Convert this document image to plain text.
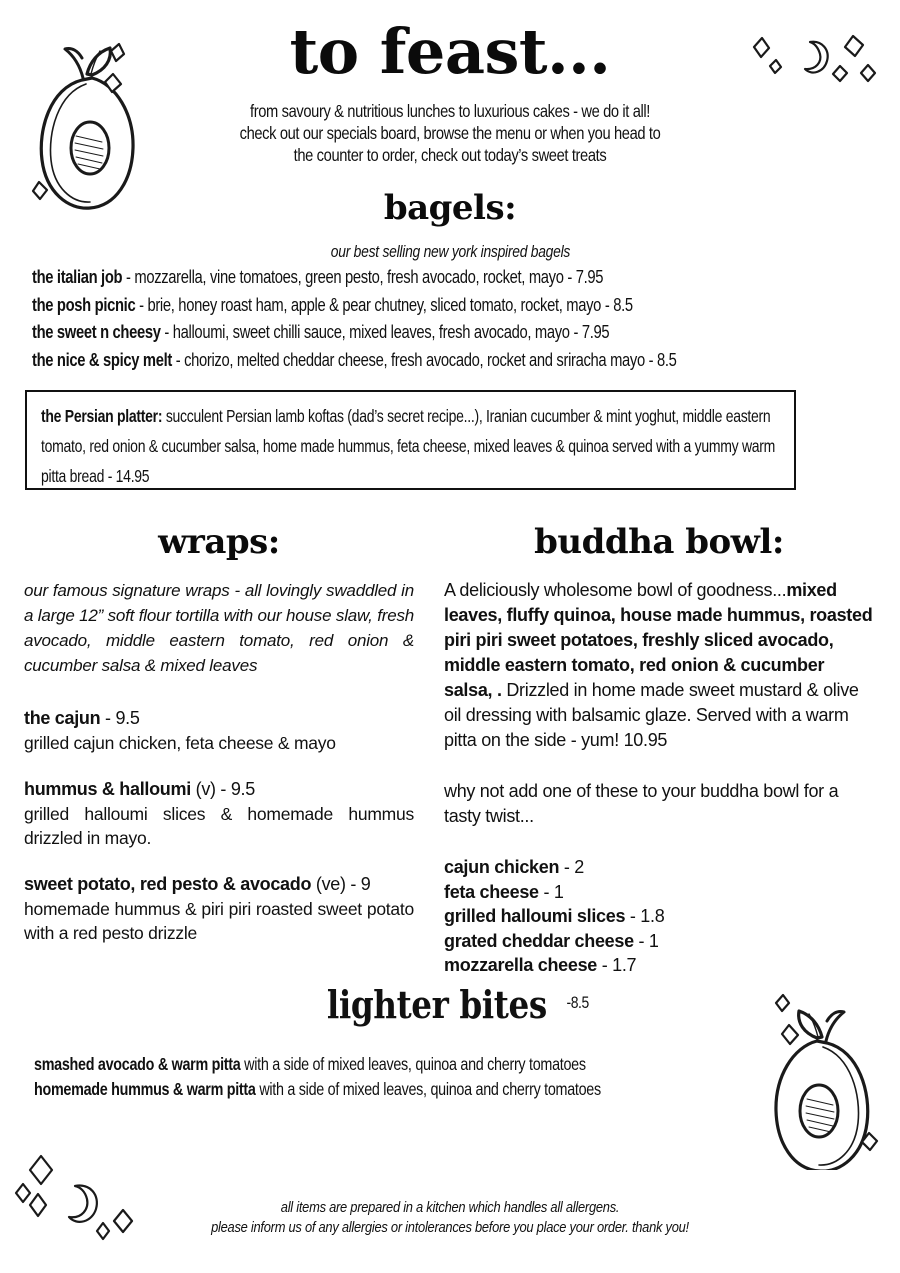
to feast...
from savoury & nutritious lunches to luxurious cakes - we do it all!
check out our specials board, browse the menu or when you head to
the counter to order, check out today’s sweet treats
bagels:
our best selling new york inspired bagels
the italian job - mozzarella, vine tomatoes, green pesto, fresh avocado, rocket, mayo - 7.95
the posh picnic - brie, honey roast ham, apple & pear chutney, sliced tomato, rocket, mayo - 8.5
the sweet n cheesy - halloumi, sweet chilli sauce, mixed leaves, fresh avocado, mayo - 7.95
the nice & spicy melt - chorizo, melted cheddar cheese, fresh avocado, rocket and sriracha mayo - 8.5
the Persian platter: succulent Persian lamb koftas (dad’s secret recipe...), Iranian cucumber & mint yoghut, middle eastern tomato, red onion & cucumber salsa, home made hummus, feta cheese, mixed leaves & quinoa served with a yummy warm pitta bread - 14.95
wraps:

our famous signature wraps - all lovingly swaddled in a large 12” soft flour tortilla with our house slaw, fresh avocado, middle eastern tomato, red onion & cucumber salsa & mixed leaves

the cajun - 9.5

grilled cajun chicken, feta cheese & mayo

hummus & halloumi (v) - 9.5

grilled halloumi slices & homemade hummus drizzled in mayo.

sweet potato, red pesto & avocado (ve) - 9

homemade hummus & piri piri roasted sweet potato with a red pesto drizzle

buddha bowl:

A deliciously wholesome bowl of goodness...mixed leaves, fluffy quinoa, house made hummus, roasted piri piri sweet potatoes, freshly sliced avocado, middle eastern tomato, red onion & cucumber salsa, . Drizzled in home made sweet mustard & olive oil dressing with balsamic glaze. Served with a warm pitta on the side - yum! 10.95

why not add one of these to your buddha bowl for a tasty twist...

cajun chicken - 2
feta cheese - 1
grilled halloumi slices - 1.8
grated cheddar cheese - 1
mozzarella cheese - 1.7
lighter bites -8.5
smashed avocado & warm pitta with a side of mixed leaves, quinoa and cherry tomatoes
homemade hummus & warm pitta with a side of mixed leaves, quinoa and cherry tomatoes
all items are prepared in a kitchen which handles all allergens.
please inform us of any allergies or intolerances before you place your order. thank you!
